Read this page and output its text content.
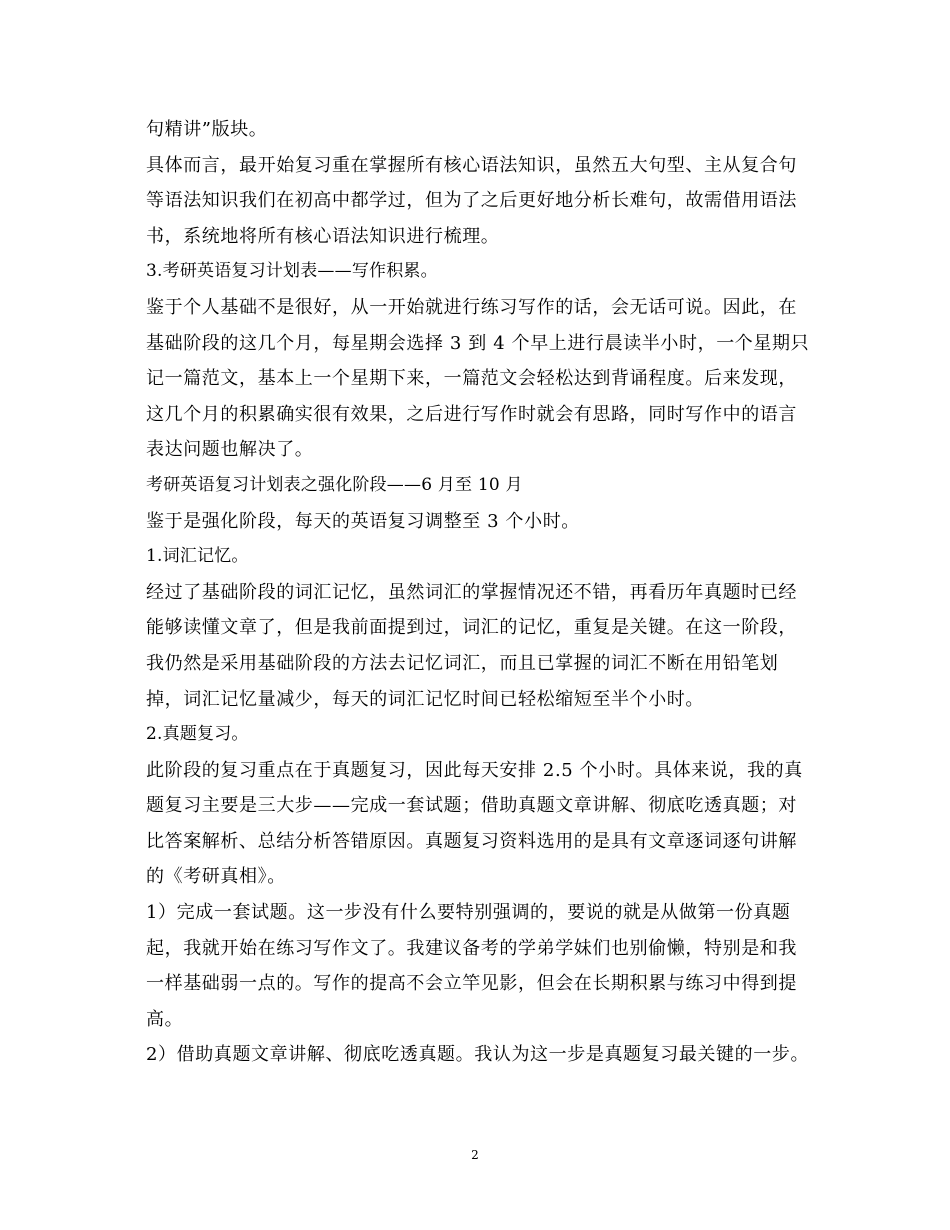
句精讲”版块。
具体而言，最开始复习重在掌握所有核心语法知识，虽然五大句型、主从复合句
等语法知识我们在初高中都学过，但为了之后更好地分析长难句，故需借用语法
书，系统地将所有核心语法知识进行梳理。
3.考研英语复习计划表——写作积累。
鉴于个人基础不是很好，从一开始就进行练习写作的话，会无话可说。因此，在
基础阶段的这几个月，每星期会选择 3 到 4 个早上进行晨读半小时，一个星期只
记一篇范文，基本上一个星期下来，一篇范文会轻松达到背诵程度。后来发现，
这几个月的积累确实很有效果，之后进行写作时就会有思路，同时写作中的语言
表达问题也解决了。
考研英语复习计划表之强化阶段——6 月至 10 月
鉴于是强化阶段，每天的英语复习调整至 3 个小时。
1.词汇记忆。
经过了基础阶段的词汇记忆，虽然词汇的掌握情况还不错，再看历年真题时已经
能够读懂文章了，但是我前面提到过，词汇的记忆，重复是关键。在这一阶段，
我仍然是采用基础阶段的方法去记忆词汇，而且已掌握的词汇不断在用铅笔划
掉，词汇记忆量减少，每天的词汇记忆时间已轻松缩短至半个小时。
2.真题复习。
此阶段的复习重点在于真题复习，因此每天安排 2.5 个小时。具体来说，我的真
题复习主要是三大步——完成一套试题；借助真题文章讲解、彻底吃透真题；对
比答案解析、总结分析答错原因。真题复习资料选用的是具有文章逐词逐句讲解
的《考研真相》。
1）完成一套试题。这一步没有什么要特别强调的，要说的就是从做第一份真题
起，我就开始在练习写作文了。我建议备考的学弟学妹们也别偷懒，特别是和我
一样基础弱一点的。写作的提高不会立竿见影，但会在长期积累与练习中得到提
高。
2）借助真题文章讲解、彻底吃透真题。我认为这一步是真题复习最关键的一步。
2
